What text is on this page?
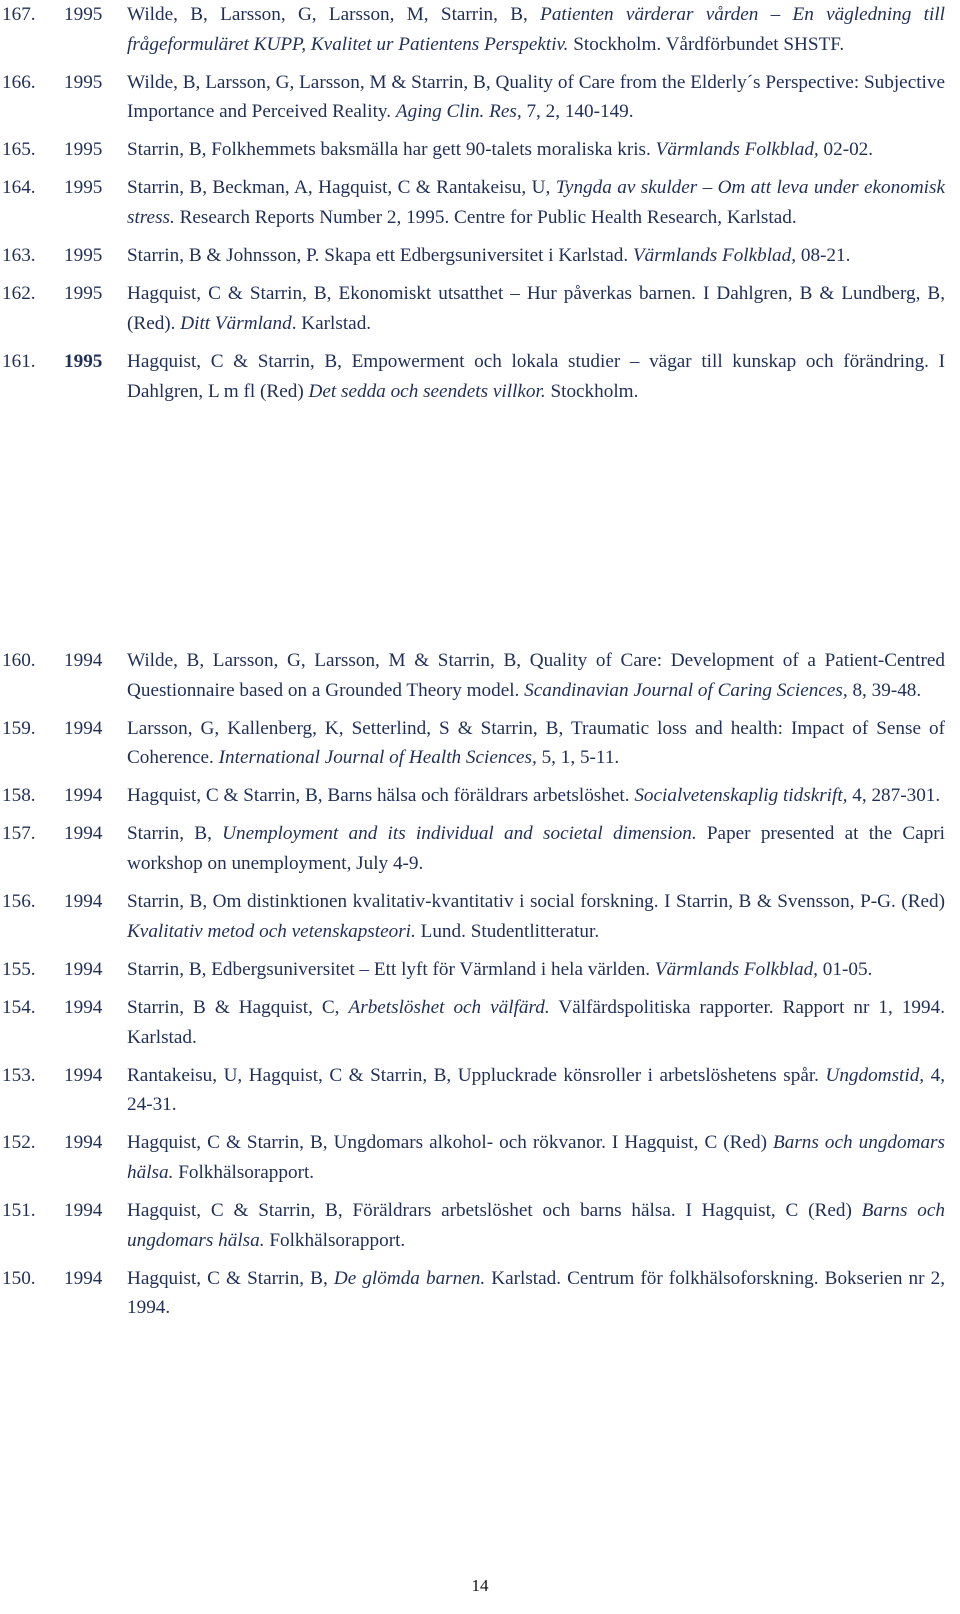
167. 1995 Wilde, B, Larsson, G, Larsson, M, Starrin, B, Patienten värderar vården – En vägledning till frågeformuläret KUPP, Kvalitet ur Patientens Perspektiv. Stockholm. Vårdförbundet SHSTF.
166. 1995 Wilde, B, Larsson, G, Larsson, M & Starrin, B, Quality of Care from the Elderly´s Perspective: Subjective Importance and Perceived Reality. Aging Clin. Res, 7, 2, 140-149.
165. 1995 Starrin, B, Folkhemmets baksmälla har gett 90-talets moraliska kris. Värmlands Folkblad, 02-02.
164. 1995 Starrin, B, Beckman, A, Hagquist, C & Rantakeisu, U, Tyngda av skulder – Om att leva under ekonomisk stress. Research Reports Number 2, 1995. Centre for Public Health Research, Karlstad.
163. 1995 Starrin, B & Johnsson, P. Skapa ett Edbergsuniversitet i Karlstad. Värmlands Folkblad, 08-21.
162. 1995 Hagquist, C & Starrin, B, Ekonomiskt utsatthet – Hur påverkas barnen. I Dahlgren, B & Lundberg, B, (Red). Ditt Värmland. Karlstad.
161. 1995 Hagquist, C & Starrin, B, Empowerment och lokala studier – vägar till kunskap och förändring. I Dahlgren, L m fl (Red) Det sedda och seendets villkor. Stockholm.
160. 1994 Wilde, B, Larsson, G, Larsson, M & Starrin, B, Quality of Care: Development of a Patient-Centred Questionnaire based on a Grounded Theory model. Scandinavian Journal of Caring Sciences, 8, 39-48.
159. 1994 Larsson, G, Kallenberg, K, Setterlind, S & Starrin, B, Traumatic loss and health: Impact of Sense of Coherence. International Journal of Health Sciences, 5, 1, 5-11.
158. 1994 Hagquist, C & Starrin, B, Barns hälsa och föräldrars arbetslöshet. Socialvetenskaplig tidskrift, 4, 287-301.
157. 1994 Starrin, B, Unemployment and its individual and societal dimension. Paper presented at the Capri workshop on unemployment, July 4-9.
156. 1994 Starrin, B, Om distinktionen kvalitativ-kvantitativ i social forskning. I Starrin, B & Svensson, P-G. (Red) Kvalitativ metod och vetenskapsteori. Lund. Studentlitteratur.
155. 1994 Starrin, B, Edbergsuniversitet – Ett lyft för Värmland i hela världen. Värmlands Folkblad, 01-05.
154. 1994 Starrin, B & Hagquist, C, Arbetslöshet och välfärd. Välfärdspolitiska rapporter. Rapport nr 1, 1994. Karlstad.
153. 1994 Rantakeisu, U, Hagquist, C & Starrin, B, Uppluckrade könsroller i arbetslöshetens spår. Ungdomstid, 4, 24-31.
152. 1994 Hagquist, C & Starrin, B, Ungdomars alkohol- och rökvanor. I Hagquist, C (Red) Barns och ungdomars hälsa. Folkhälsorapport.
151. 1994 Hagquist, C & Starrin, B, Föräldrars arbetslöshet och barns hälsa. I Hagquist, C (Red) Barns och ungdomars hälsa. Folkhälsorapport.
150. 1994 Hagquist, C & Starrin, B, De glömda barnen. Karlstad. Centrum för folkhälsoforskning. Bokserien nr 2, 1994.
14
